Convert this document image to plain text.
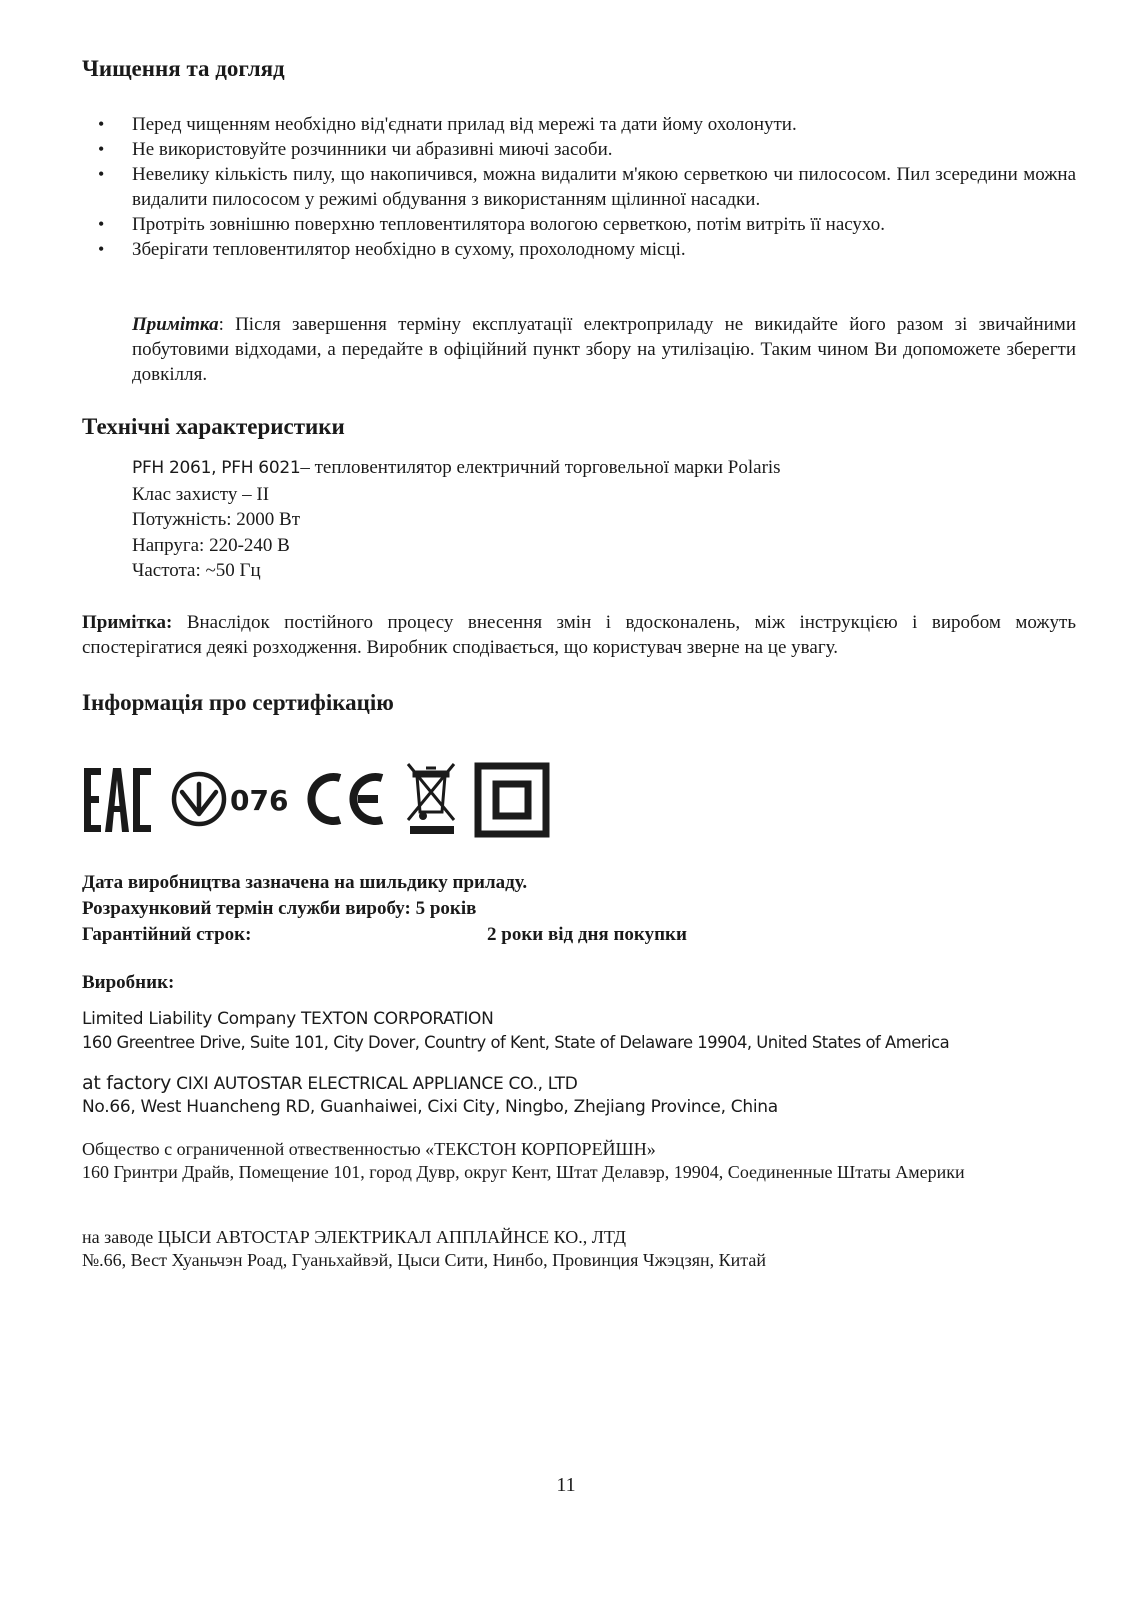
Чищення та догляд
• Перед чищенням необхідно від'єднати прилад від мережі та дати йому охолонути.
• Не використовуйте розчинники чи абразивні миючі засоби.
• Невелику кількість пилу, що накопичився, можна видалити м'якою серветкою чи пилососом. Пил зсередини можна видалити пилососом у режимі обдування з використанням щілинної насадки.
• Протріть зовнішню поверхню тепловентилятора вологою серветкою, потім витріть її насухо.
• Зберігати тепловентилятор необхідно в сухому, прохолодному місці.

Примітка: Після завершення терміну експлуатації електроприладу не викидайте його разом зі звичайними побутовими відходами, а передайте в офіційний пункт збору на утилізацію. Таким чином Ви допоможете зберегти довкілля.

Технічні характеристики
PFH 2061, PFH 6021– тепловентилятор електричний торговельної марки Polaris
Клас захисту – II
Потужність: 2000 Вт
Напруга: 220-240 В
Частота: ~50 Гц

Примітка: Внаслідок постійного процесу внесення змін і вдосконалень, між інструкцією і виробом можуть спостерігатися деякі розходження. Виробник сподівається, що користувач зверне на це увагу.

Інформація про сертифікацію
076
Дата виробництва зазначена на шильдику приладу.
Розрахунковий термін служби виробу: 5 років
Гарантійний строк:	2 роки від дня покупки
Виробник:
Limited Liability Company TEXTON CORPORATION
160 Greentree Drive, Suite 101, City Dover, Country of Kent, State of Delaware 19904, United States of America
at factory CIXI AUTOSTAR ELECTRICAL APPLIANCE CO., LTD
No.66, West Huancheng RD, Guanhaiwei, Cixi City, Ningbo, Zhejiang Province, China
Общество с ограниченной отвественностью «ТЕКСТОН КОРПОРЕЙШН»
160 Гринтри Драйв, Помещение 101, город Дувр, округ Кент, Штат Делавэр, 19904, Соединенные Штаты Америки
на заводе ЦЫСИ АВТОСТАР ЭЛЕКТРИКАЛ АППЛАЙНСЕ КО., ЛТД
№.66, Вест Хуаньчэн Роад, Гуаньхайвэй, Цыси Сити, Нинбо, Провинция Чжэцзян, Китай
11
